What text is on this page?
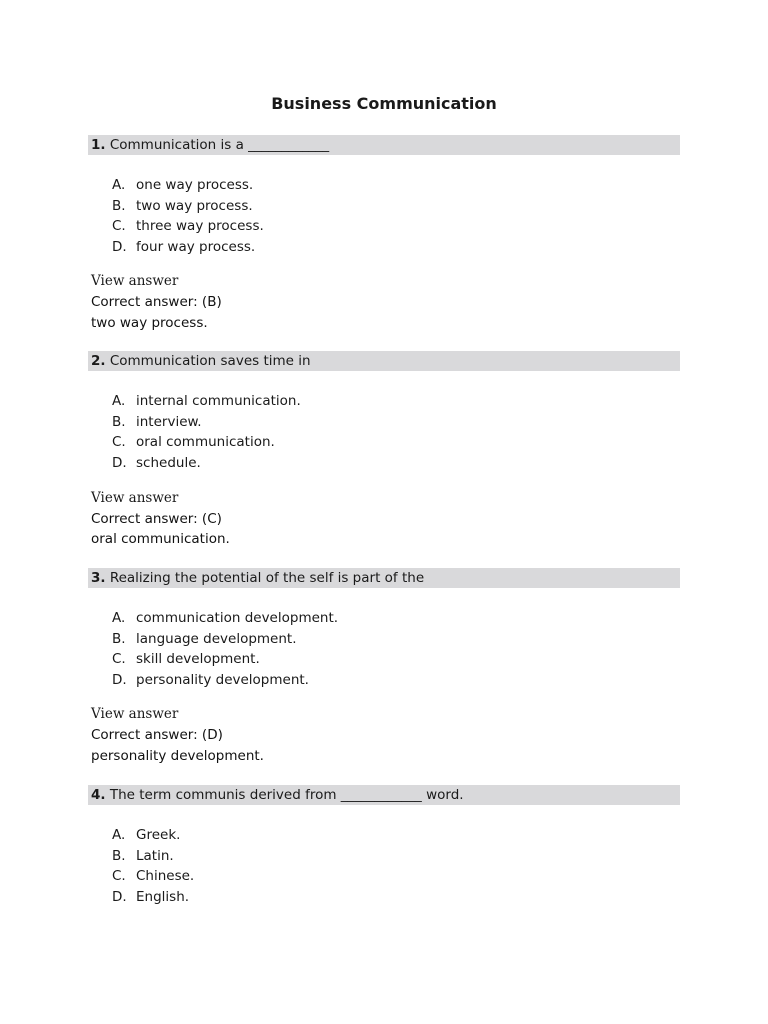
Business Communication
1. Communication is a ____________
A. one way process.
B. two way process.
C. three way process.
D. four way process.
View answer
Correct answer: (B)
two way process.
2. Communication saves time in
A. internal communication.
B. interview.
C. oral communication.
D. schedule.
View answer
Correct answer: (C)
oral communication.
3. Realizing the potential of the self is part of the
A. communication development.
B. language development.
C. skill development.
D. personality development.
View answer
Correct answer: (D)
personality development.
4. The term communis derived from ____________ word.
A. Greek.
B. Latin.
C. Chinese.
D. English.
